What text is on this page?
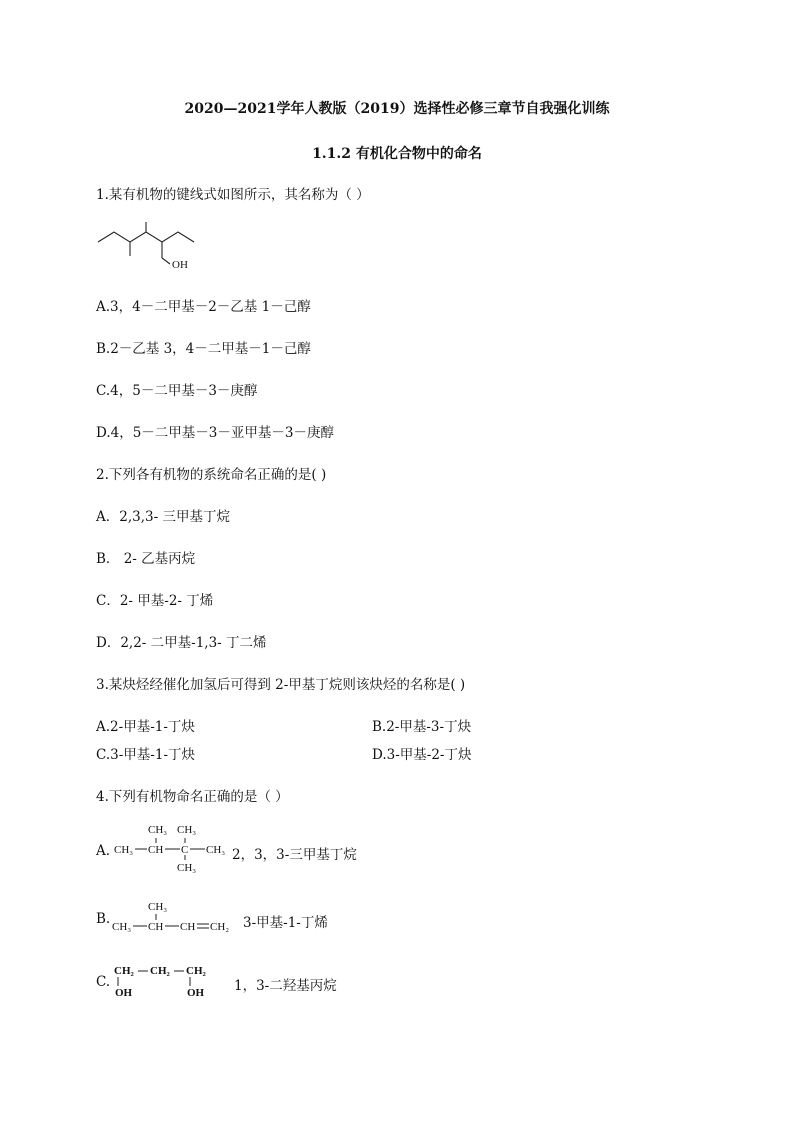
2020—2021学年人教版（2019）选择性必修三章节自我强化训练
1.1.2 有机化合物中的命名
1.某有机物的键线式如图所示，其名称为（ ）
OH
A.3，4－二甲基－2－乙基 1－己醇
B.2－乙基 3，4－二甲基－1－己醇
C.4，5－二甲基－3－庚醇
D.4，5－二甲基－3－亚甲基－3－庚醇
2.下列各有机物的系统命名正确的是( )
A．2,3,3- 三甲基丁烷
B． 2- 乙基丙烷
C．2- 甲基-2- 丁烯
D．2,2- 二甲基-1,3- 丁二烯
3.某炔烃经催化加氢后可得到 2-甲基丁烷则该炔烃的名称是( )
A.2-甲基-1-丁炔	B.2-甲基-3-丁炔
C.3-甲基-1-丁炔	D.3-甲基-2-丁炔
4.下列有机物命名正确的是（ ）
A. CH₃ CH
CH₃
C
CH₃
CH₃
CH₃ 2，3，3-三甲基丁烷
B. CH₃ CH
CH₃
CH CH₂ 3-甲基-1-丁烯
C.
CH₂ CH₂ CH₂
OH	OH 1，3-二羟基丙烷
